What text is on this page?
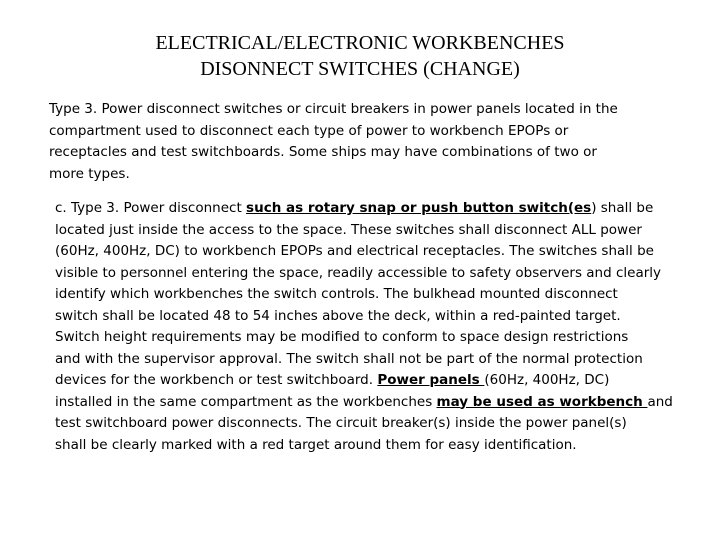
ELECTRICAL/ELECTRONIC WORKBENCHES
DISONNECT SWITCHES (CHANGE)
Type 3. Power disconnect switches or circuit breakers in power panels located in the
compartment used to disconnect each type of power to workbench EPOPs or
receptacles and test switchboards. Some ships may have combinations of two or
more types.
c. Type 3. Power disconnect such as rotary snap or push button switch(es) shall be
located just inside the access to the space. These switches shall disconnect ALL power
(60Hz, 400Hz, DC) to workbench EPOPs and electrical receptacles. The switches shall be
visible to personnel entering the space, readily accessible to safety observers and clearly
identify which workbenches the switch controls. The bulkhead mounted disconnect
switch shall be located 48 to 54 inches above the deck, within a red-painted target.
Switch height requirements may be modified to conform to space design restrictions
and with the supervisor approval. The switch shall not be part of the normal protection
devices for the workbench or test switchboard. Power panels (60Hz, 400Hz, DC)
installed in the same compartment as the workbenches may be used as workbench and
test switchboard power disconnects. The circuit breaker(s) inside the power panel(s)
shall be clearly marked with a red target around them for easy identification.
